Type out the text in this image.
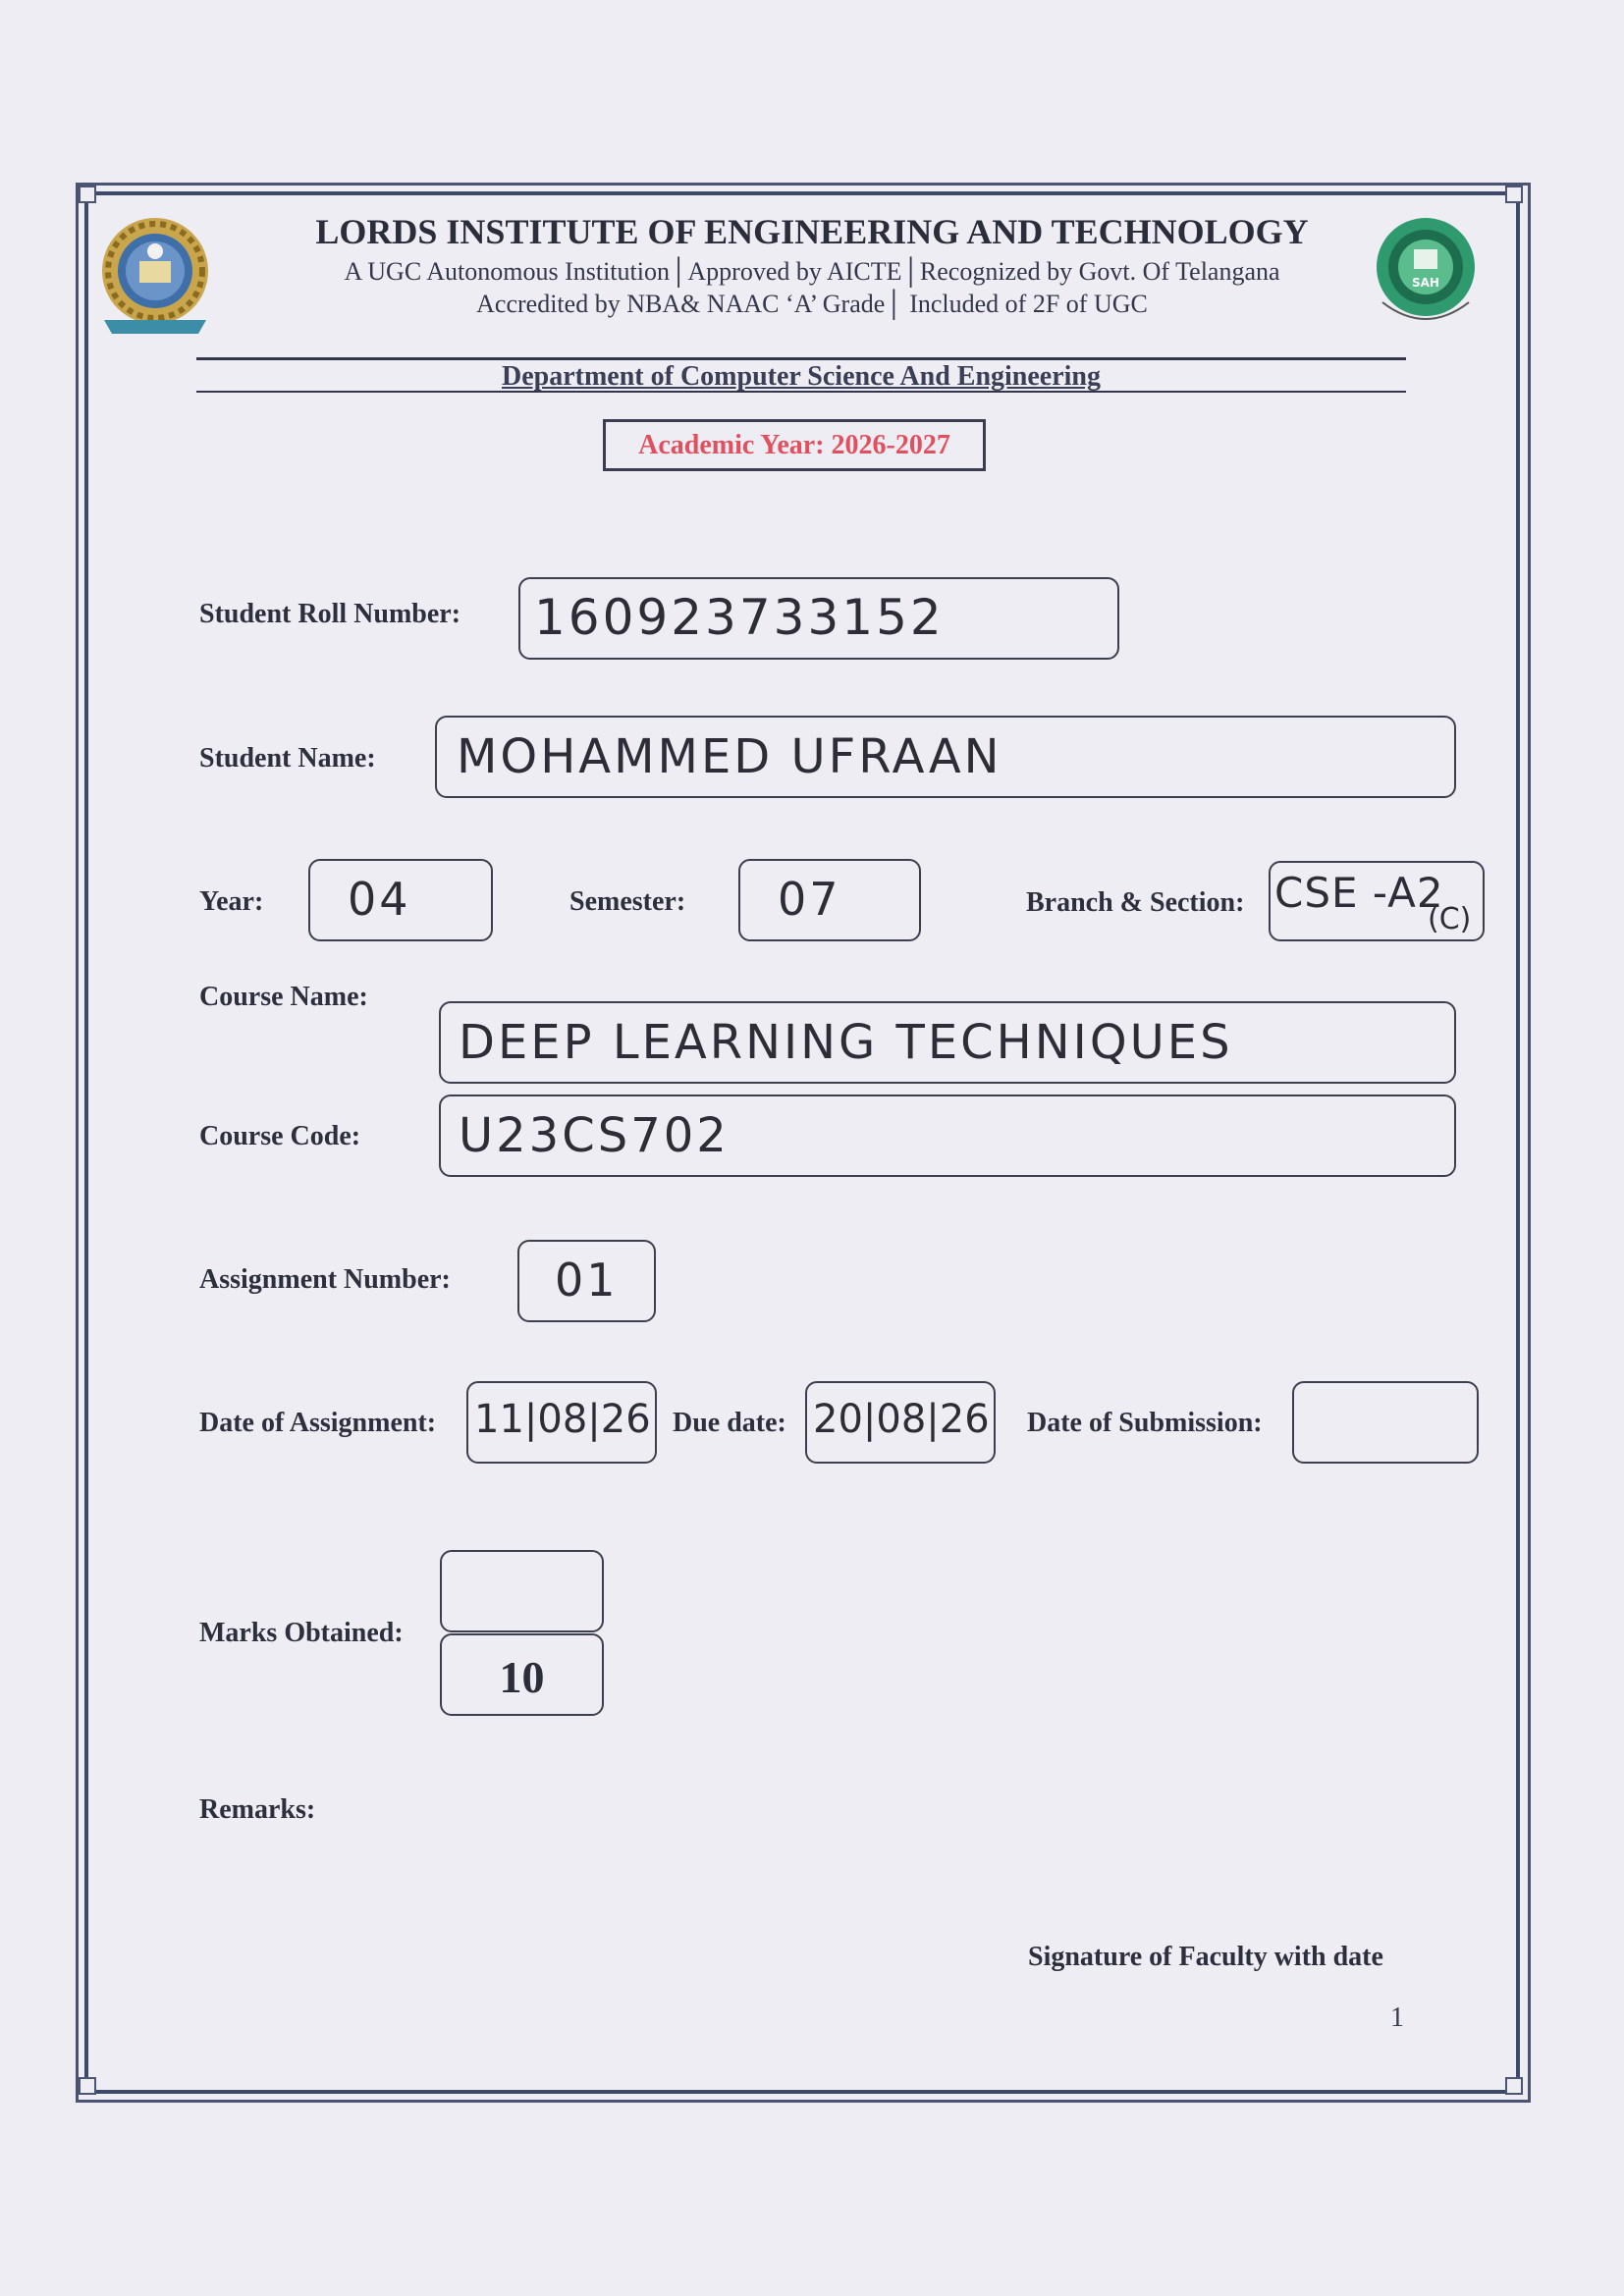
SAH
LORDS INSTITUTE OF ENGINEERING AND TECHNOLOGY
A UGC Autonomous Institution│Approved by AICTE│Recognized by Govt. Of Telangana
Accredited by NBA& NAAC ‘A’ Grade│ Included of 2F of UGC
Department of Computer Science And Engineering
Academic Year: 2026-2027
Student Roll Number: 160923733152
Student Name: MOHAMMED UFRAAN
Year: 04	Semester: 07	Branch & Section: CSE -A2
(C)
Course Name:
DEEP LEARNING TECHNIQUES
Course Code: U23CS702
Assignment Number: 01
Date of Assignment: 11|08|26 Due date: 20|08|26 Date of Submission:
Marks Obtained:
10
Remarks:
Signature of Faculty with date
1
